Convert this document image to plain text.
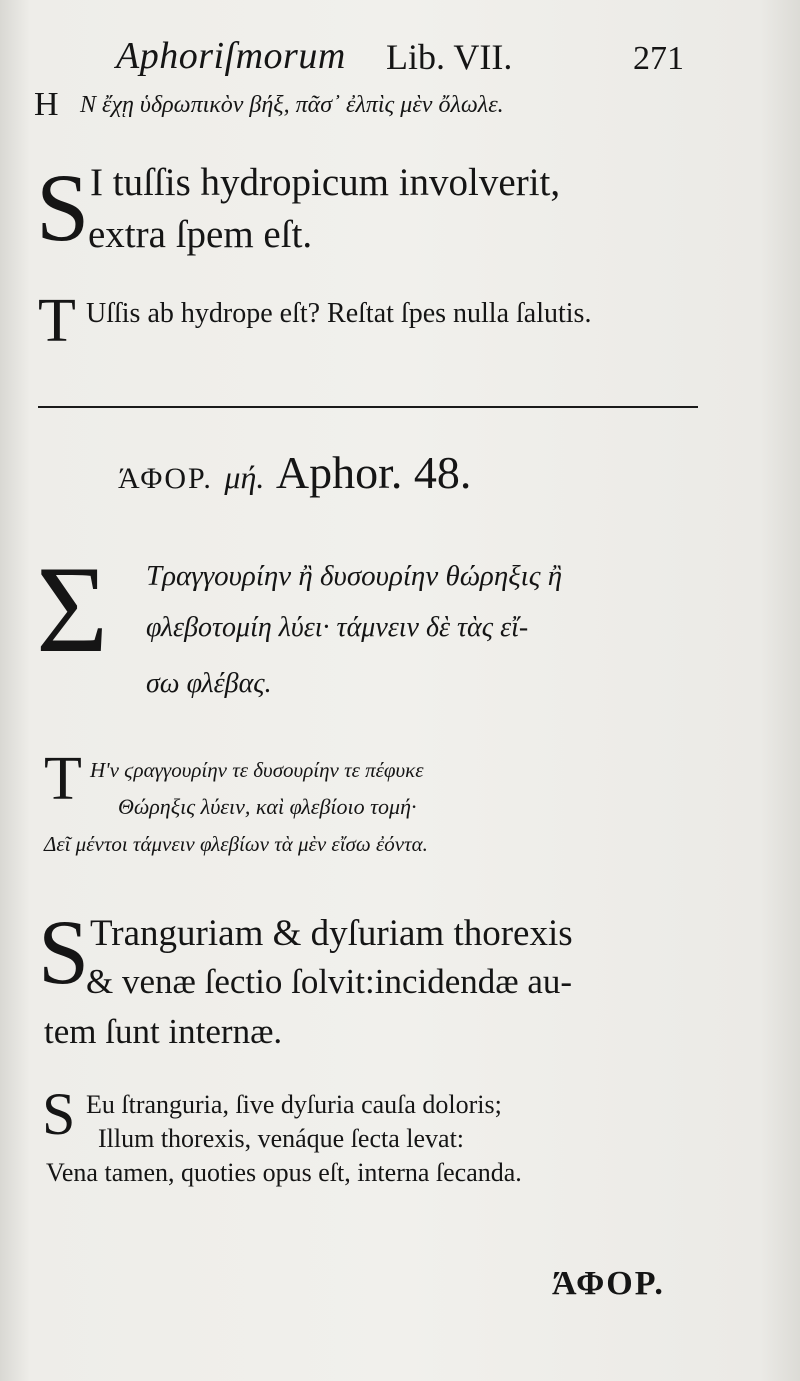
Aphoriſmorum Lib. VII.	271
H Ν ἔχῃ ὑδρωπικὸν βήξ, πᾶσ᾽ ἐλπὶς μὲν ὄλωλε.
S I tuſſis hydropicum involverit,
extra ſpem eſt.
T Uſſis ab hydrope eſt? Reſtat ſpes nulla ſalutis.
ΆΦΟΡ. μή. Aphor. 48.
Σ Τραγγουρίην ἢ δυσουρίην θώρηξις ἢ
φλεβοτομίη λύει· τάμνειν δὲ τὰς εἴ-
σω φλέβας.
T Η'ν ϛραγγουρίην τε δυσουρίην τε πέφυκε
Θώρηξις λύειν, καὶ φλεβίοιο τομή·
Δεῖ μέντοι τάμνειν φλεβίων τὰ μὲν εἴσω ἐόντα.
S Tranguriam & dyſuriam thorexis
& venæ ſectio ſolvit:incidendæ au-
tem ſunt internæ.
S Eu ſtranguria, ſive dyſuria cauſa doloris;
Illum thorexis, venáque ſecta levat:
Vena tamen, quoties opus eſt, interna ſecanda.
ΆΦΟΡ.
